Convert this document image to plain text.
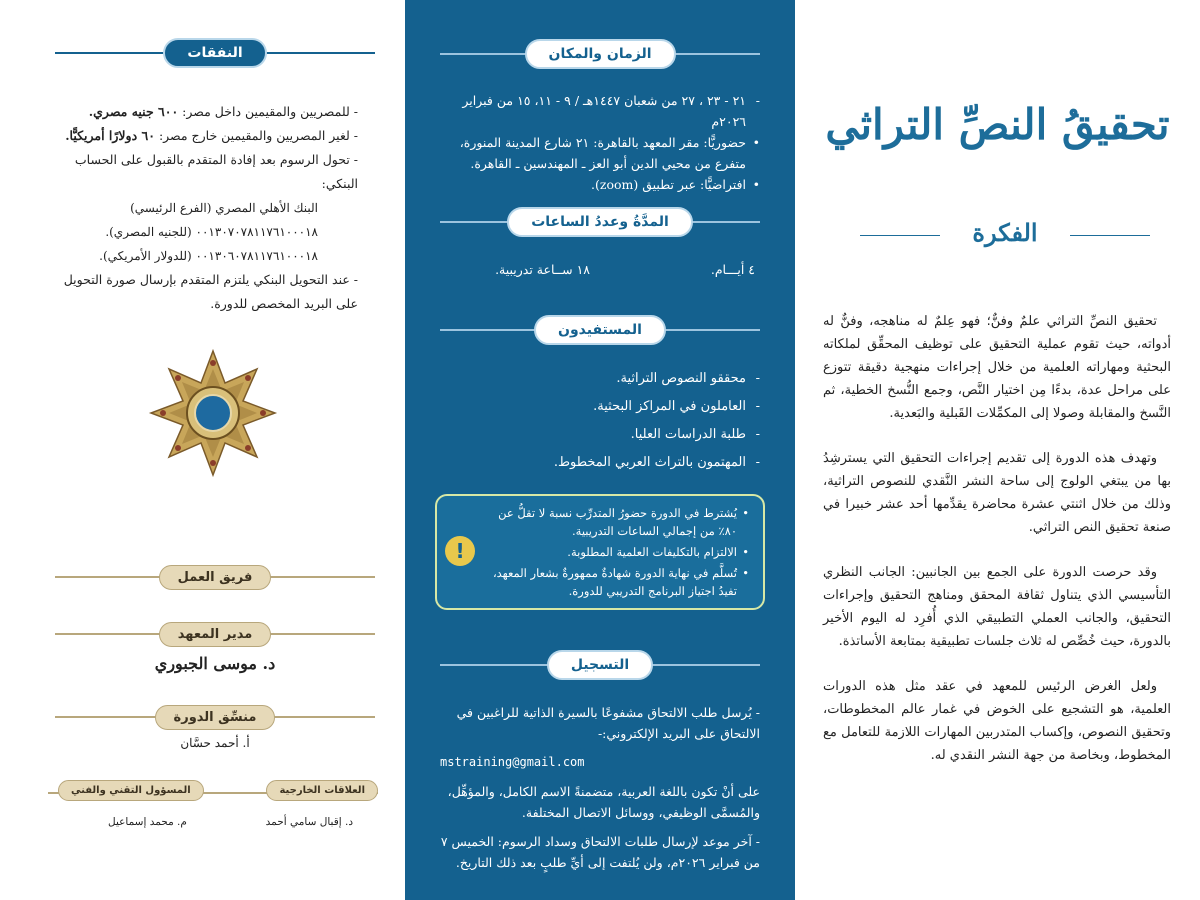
النفقات
- للمصريين والمقيمين داخل مصر: ٦٠٠ جنيه مصري.
- لغير المصريين والمقيمين خارج مصر: ٦٠ دولارًا أمريكيًّا.
- تحول الرسوم بعد إفادة المتقدم بالقبول على الحساب البنكي:
البنك الأهلي المصري (الفرع الرئيسي)
٠٠١٣٠٧٠٧٨١١٧٦١٠٠٠١٨ (للجنيه المصري).
٠٠١٣٠٦٠٧٨١١٧٦١٠٠٠١٨ (للدولار الأمريكي).
- عند التحويل البنكي يلتزم المتقدم بإرسال صورة التحويل على البريد المخصص للدورة.
فريق العمل
مدير المعهد
د. موسى الجبوري
منسِّق الدورة
أ. أحمد حسَّان
العلاقات الخارجية
المسؤول التقني والفني
د. إقبال سامي أحمد
م. محمد إسماعيل
الزمان والمكان
- ٢١ - ٢٣ ، ٢٧ من شعبان ١٤٤٧هـ / ٩ - ١١، ١٥ من فبراير ٢٠٢٦م
• حضوريًّا: مقر المعهد بالقاهرة: ٢١ شارع المدينة المنورة، متفرع من محيي الدين أبو العز ـ المهندسين ـ القاهرة.
• افتراضيًّا: عبر تطبيق (zoom).
المدَّةُ وعددُ الساعات
٤ أيـــام.
١٨ ســاعة تدريبية.
المستفيدون
- محققو النصوص التراثية.
- العاملون في المراكز البحثية.
- طلبة الدراسات العليا.
- المهتمون بالتراث العربي المخطوط.
• يُشترط في الدورة حضورُ المتدرِّب نسبة لا تقلُّ عن ٨٠٪ من إجمالي الساعات التدريبية.
• الالتزام بالتكليفات العلمية المطلوبة.
• تُسلَّم في نهاية الدورة شهادةٌ ممهورةٌ بشعار المعهد، تفيدُ اجتياز البرنامج التدريبي للدورة.
!
التسجيل

- يُرسل طلب الالتحاق مشفوعًا بالسيرة الذاتية للراغبين في الالتحاق على البريد الإلكتروني:-

mstraining@gmail.com

على أنْ تكون باللغة العربية، متضمنةً الاسم الكامل، والمؤهِّل، والمُسمَّى الوظيفي، ووسائل الاتصال المختلفة.

- آخر موعد لإرسال طلبات الالتحاق وسداد الرسوم: الخميس ٧ من فبراير ٢٠٢٦م، ولن يُلتفت إلى أيِّ طلبٍ بعد ذلك التاريخ.

تحقيقُ النصِّ التراثي
الفكرة

تحقيق النصِّ التراثي علمٌ وفنٌّ؛ فهو عِلمٌ له مناهجه، وفنٌّ له أدواته، حيث تقوم عملية التحقيق على توظيف المحقِّق لملكاته البحثية ومهاراته العلمية من خلال إجراءات منهجية دقيقة تتوزع على مراحل عدة، بدءًا مِن اختيار النَّص، وجمع النُّسخ الخطية، ثم النَّسخ والمقابلة وصولا إلى المكمِّلات القَبلية والبَعدية.

وتهدف هذه الدورة إلى تقديم إجراءات التحقيق التي يسترشِدُ بها من يبتغي الولوج إلى ساحة النشر النَّقدي للنصوص التراثية، وذلك من خلال اثنتي عشرة محاضرة يقدِّمها أحد عشر خبيرا في صنعة تحقيق النص التراثي.

وقد حرصت الدورة على الجمع بين الجانبين: الجانب النظري التأسيسي الذي يتناول ثقافة المحقق ومناهج التحقيق وإجراءات التحقيق، والجانب العملي التطبيقي الذي أُفرِد له اليوم الأخير بالدورة، حيث خُصِّص له ثلاث جلسات تطبيقية بمتابعة الأساتذة.

ولعل الغرض الرئيس للمعهد في عقد مثل هذه الدورات العلمية، هو التشجيع على الخوض في غمار عالم المخطوطات، وتحقيق النصوص، وإكساب المتدربين المهارات اللازمة للتعامل مع المخطوط، وبخاصة من جهة النشر النقدي له.
